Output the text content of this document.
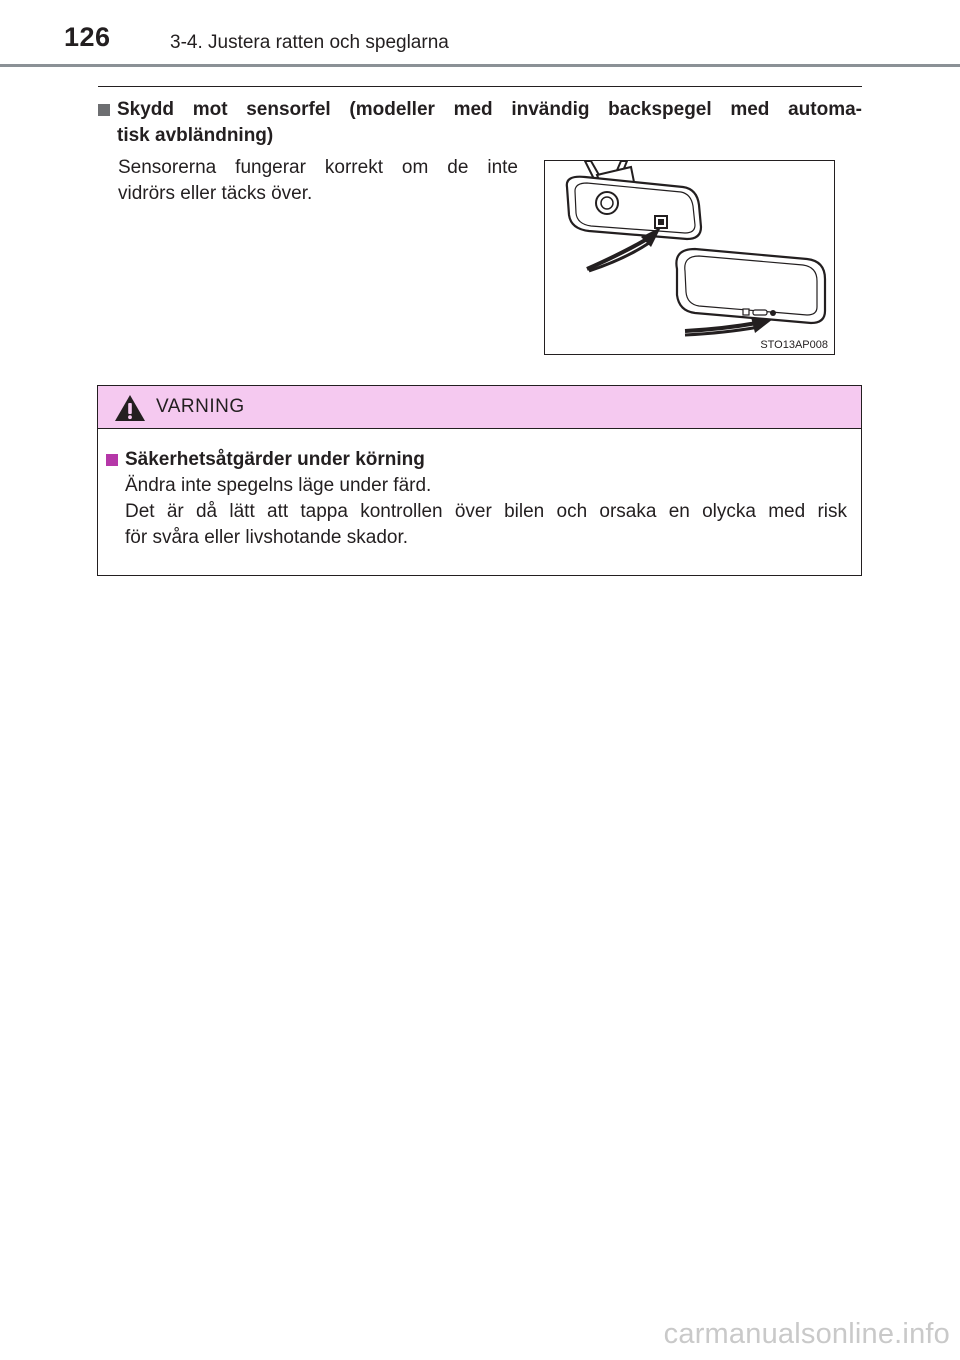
126	3-4. Justera ratten och speglarna
Skydd mot sensorfel (modeller med invändig backspegel med automa-
tisk avbländning)
Sensorerna fungerar korrekt om de inte
vidrörs eller täcks över.
STO13AP008
VARNING
Säkerhetsåtgärder under körning
Ändra inte spegelns läge under färd.
Det är då lätt att tappa kontrollen över bilen och orsaka en olycka med risk
för svåra eller livshotande skador.
carmanualsonline.info
